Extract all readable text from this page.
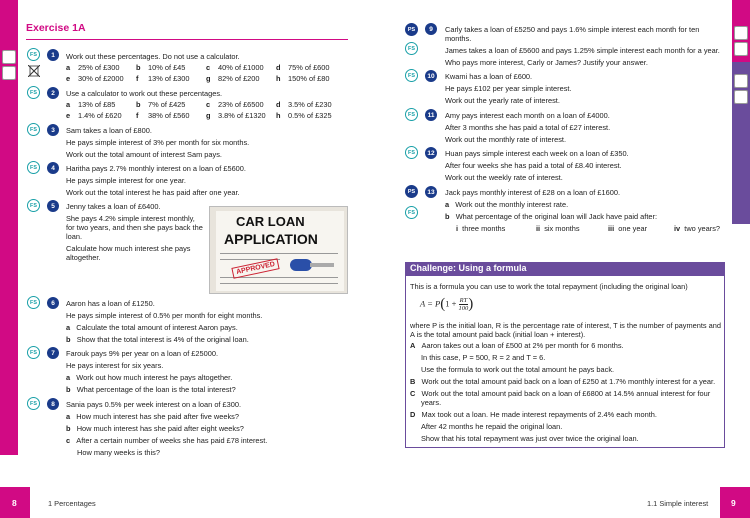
8	1 Percentages
Exercise 1A
FS	1	Work out these percentages. Do not use a calculator.
a 25% of £300	b 10% of £45	c 40% of £1000	d 75% of £600
e 30% of £2000	f 13% of £300	g 82% of £200	h 150% of £80
FS	2	Use a calculator to work out these percentages.
a 13% of £85	b 7% of £425	c 23% of £6500	d 3.5% of £230
e 1.4% of £620	f 38% of £560	g 3.8% of £1320	h 0.5% of £325
FS	3	Sam takes a loan of £800.
He pays simple interest of 3% per month for six months.
Work out the total amount of interest Sam pays.
FS	4	Haritha pays 2.7% monthly interest on a loan of £5600.
He pays simple interest for one year.
Work out the total interest he has paid after one year.
FS	5	Jenny takes a loan of £6400.
She pays 4.2% simple interest monthly,
for two years, and then she pays back the
loan.
Calculate how much interest she pays
altogether.
CAR LOAN
APPLICATION
APPROVED
FS	6	Aaron has a loan of £1250.
He pays simple interest of 0.5% per month for eight months.
a Calculate the total amount of interest Aaron pays.
b Show that the total interest is 4% of the original loan.
FS	7	Farouk pays 9% per year on a loan of £25000.
He pays interest for six years.
a Work out how much interest he pays altogether.
b What percentage of the loan is the total interest?
FS	8	Sania pays 0.5% per week interest on a loan of £300.
a How much interest has she paid after five weeks?
b How much interest has she paid after eight weeks?
c After a certain number of weeks she has paid £78 interest.
How many weeks is this?
9
1.1 Simple interest
PS
FS
9	Carly takes a loan of £5250 and pays 1.6% simple interest each month for ten
months.
James takes a loan of £5600 and pays 1.25% simple interest each month for a year.
Who pays more interest, Carly or James? Justify your answer.
FS	10	Kwami has a loan of £600.
He pays £102 per year simple interest.
Work out the yearly rate of interest.
FS	11	Amy pays interest each month on a loan of £4000.
After 3 months she has paid a total of £27 interest.
Work out the monthly rate of interest.
FS	12	Huan pays simple interest each week on a loan of £350.
After four weeks she has paid a total of £8.40 interest.
Work out the weekly rate of interest.
PS
FS
13	Jack pays monthly interest of £28 on a loan of £1600.
a Work out the monthly interest rate.
b What percentage of the original loan will Jack have paid after:
i three months	ii six months	iii one year	iv two years?
Challenge: Using a formula
This is a formula you can use to work the total repayment (including the original loan)
$A = P(1 + \frac{RT}{100}$ )
where P is the initial loan, R is the percentage rate of interest, T is the number of payments and
A is the total amount paid back (initial loan + interest).
A Aaron takes out a loan of £500 at 2% per month for 6 months.
In this case, P = 500, R = 2 and T = 6.
Use the formula to work out the total amount he pays back.
B Work out the total amount paid back on a loan of £250 at 1.7% monthly interest for a year.
C Work out the total amount paid back on a loan of £6800 at 14.5% annual interest for four
years.
D Max took out a loan. He made interest repayments of 2.4% each month.
After 42 months he repaid the original loan.
Show that his total repayment was just over twice the original loan.
